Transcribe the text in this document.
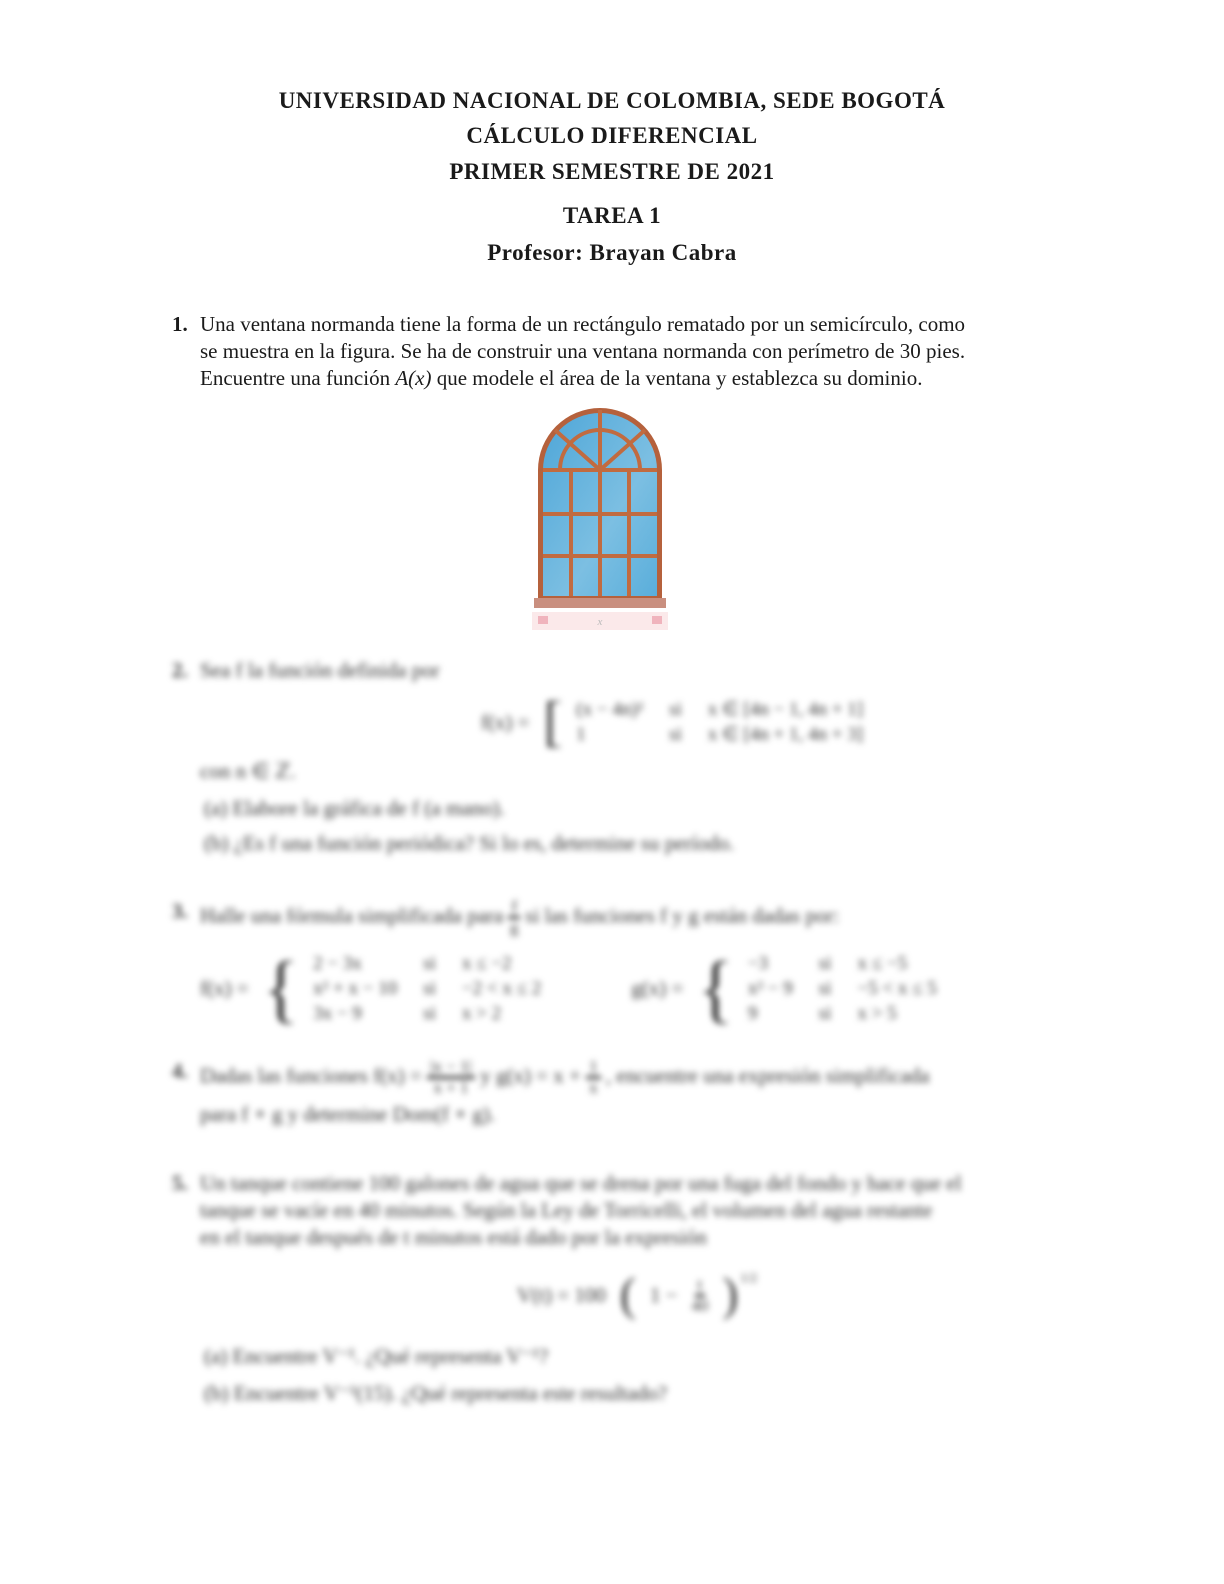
UNIVERSIDAD NACIONAL DE COLOMBIA, SEDE BOGOTÁ
CÁLCULO DIFERENCIAL
PRIMER SEMESTRE DE 2021
TAREA 1
Profesor: Brayan Cabra
1. Una ventana normanda tiene la forma de un rectángulo rematado por un semicírculo, como
se muestra en la figura. Se ha de construir una ventana normanda con perímetro de 30 pies.
Encuentre una función A(x) que modele el área de la ventana y establezca su dominio.
x
2. Sea f la función definida por
f(x) = [ (x − 4n)² si x ∈ [4n − 1, 4n + 1]
1	si x ∈ [4n + 1, 4n + 3]
con n ∈ ℤ.
(a) Elabore la gráfica de f (a mano).
(b) ¿Es f una función periódica? Si lo es, determine su período.
3. Halle una fórmula simplificada para $\frac{f}{g}$ si las funciones f y g están dadas por:
f(x) = { 2 − 3x	si x ≤ −2
x² + x − 10 si −2 < x ≤ 2
3x − 9	si x > 2
g(x) = { −3	si x ≤ −5
x² − 9 si −5 < x ≤ 5
9	si x > 5
4. Dadas las funciones $f(x) = \frac{|x - 1|}{x + 1}$ y $g(x) = x + \frac{1}{x}$ , encuentre una expresión simplificada
para f ∘ g y determine Dom(f ∘ g).
5. Un tanque contiene 100 galones de agua que se drena por una fuga del fondo y hace que el
tanque se vacíe en 40 minutos. Según la Ley de Torricelli, el volumen del agua restante
en el tanque después de t minutos está dado por la expresión
V(t) = 100 ( $1 - \frac{t}{40} )^{1/2}$
(a) Encuentre V⁻¹. ¿Qué representa V⁻¹?
(b) Encuentre V⁻¹(15). ¿Qué representa este resultado?
